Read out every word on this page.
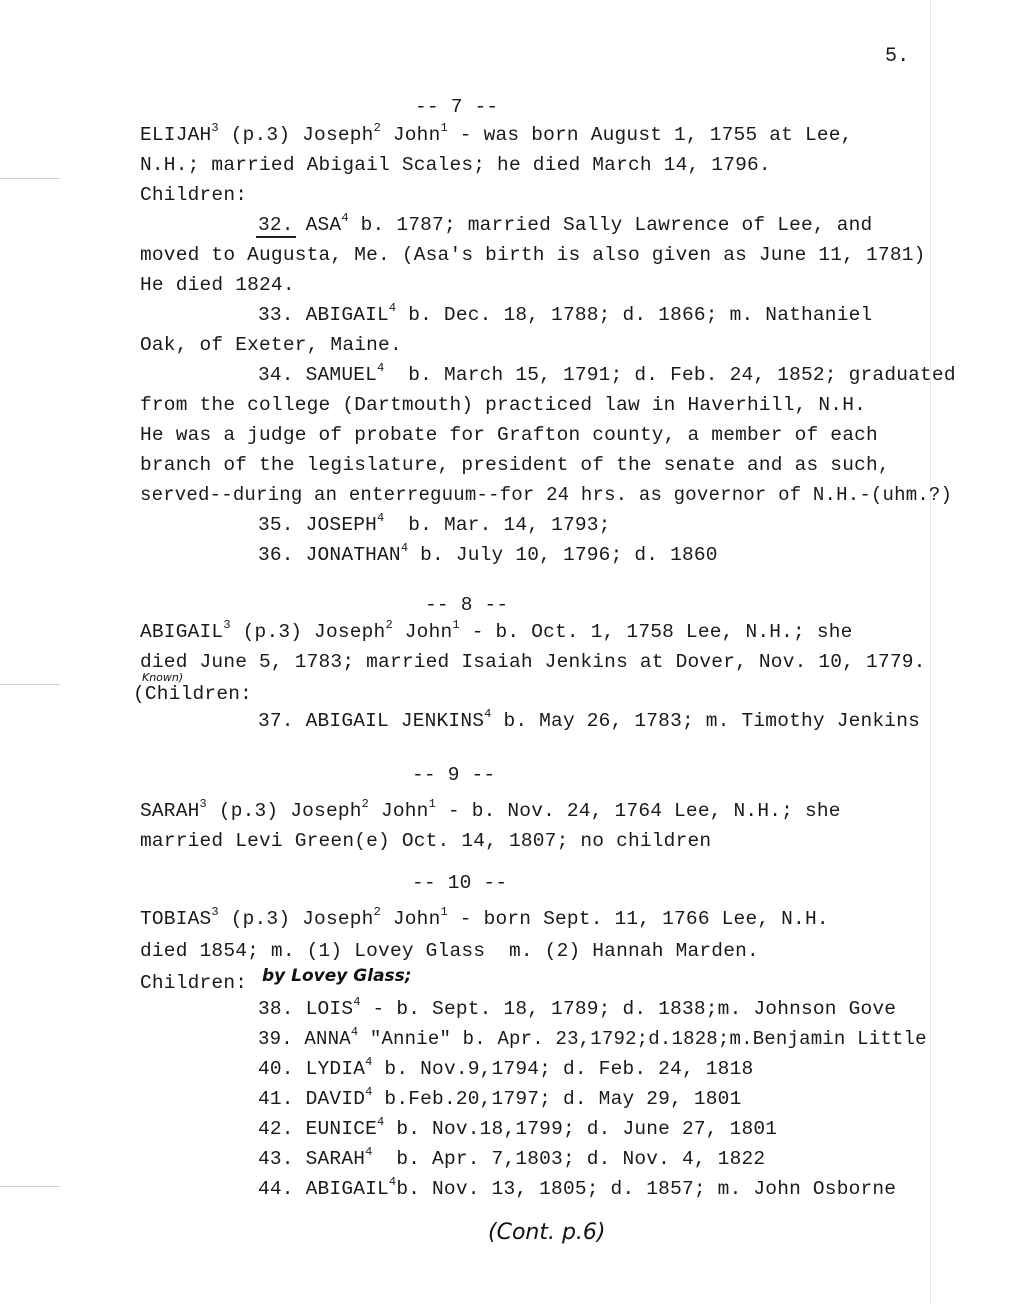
5.
-- 7 --
ELIJAH$^3$ (p.3) Joseph$^2$ John$^1$ - was born August 1, 1755 at Lee,
N.H.; married Abigail Scales; he died March 14, 1796.
Children:
32. ASA$^4$ b. 1787; married Sally Lawrence of Lee, and
moved to Augusta, Me. (Asa's birth is also given as June 11, 1781)
He died 1824.
33. ABIGAIL$^4$ b. Dec. 18, 1788; d. 1866; m. Nathaniel
Oak, of Exeter, Maine.
34. SAMUEL$^4$  b. March 15, 1791; d. Feb. 24, 1852; graduated
from the college (Dartmouth) practiced law in Haverhill, N.H.
He was a judge of probate for Grafton county, a member of each
branch of the legislature, president of the senate and as such,
served--during an enterreguum--for 24 hrs. as governor of N.H.-(uhm.?)
35. JOSEPH$^4$  b. Mar. 14, 1793;
36. JONATHAN$^4$ b. July 10, 1796; d. 1860
-- 8 --
ABIGAIL$^3$ (p.3) Joseph$^2$ John$^1$ - b. Oct. 1, 1758 Lee, N.H.; she
died June 5, 1783; married Isaiah Jenkins at Dover, Nov. 10, 1779.
Known)
(Children:
37. ABIGAIL JENKINS$^4$ b. May 26, 1783; m. Timothy Jenkins
-- 9 --
SARAH$^3$ (p.3) Joseph$^2$ John$^1$ - b. Nov. 24, 1764 Lee, N.H.; she
married Levi Green(e) Oct. 14, 1807; no children
-- 10 --
TOBIAS$^3$ (p.3) Joseph$^2$ John$^1$ - born Sept. 11, 1766 Lee, N.H.
died 1854; m. (1) Lovey Glass  m. (2) Hannah Marden.
Children: by Lovey Glass;
38. LOIS$^4$ - b. Sept. 18, 1789; d. 1838;m. Johnson Gove
39. ANNA$^4$ "Annie" b. Apr. 23,1792;d.1828;m.Benjamin Little
40. LYDIA$^4$ b. Nov.9,1794; d. Feb. 24, 1818
41. DAVID$^4$ b.Feb.20,1797; d. May 29, 1801
42. EUNICE$^4$ b. Nov.18,1799; d. June 27, 1801
43. SARAH$^4$  b. Apr. 7,1803; d. Nov. 4, 1822
44. ABIGAIL$^4$b. Nov. 13, 1805; d. 1857; m. John Osborne
(Cont. p.6)
